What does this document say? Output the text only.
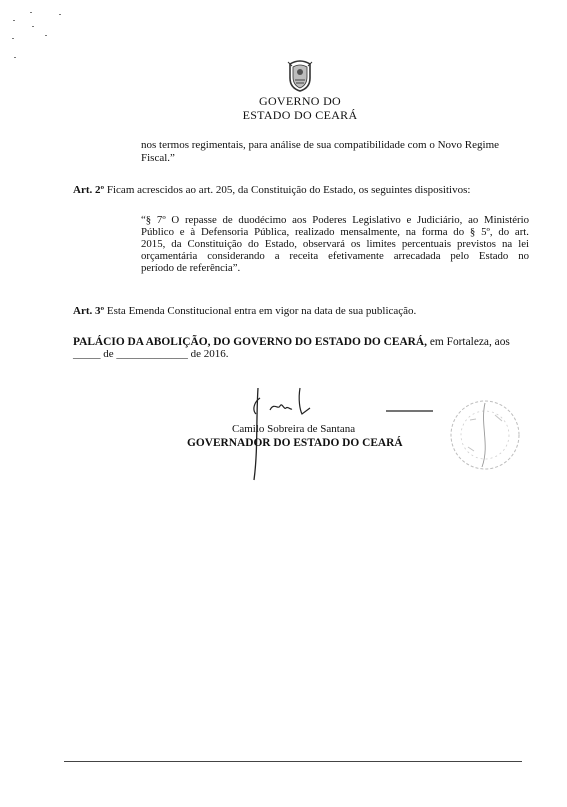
GOVERNO DO
ESTADO DO CEARÁ
nos termos regimentais, para análise de sua compatibilidade com o Novo Regime
Fiscal.”
Art. 2º Ficam acrescidos ao art. 205, da Constituição do Estado, os seguintes dispositivos:
“§ 7º O repasse de duodécimo aos Poderes Legislativo e Judiciário, ao Ministério
Público e à Defensoria Pública, realizado mensalmente, na forma do § 5º, do art.
2015, da Constituição do Estado, observará os limites percentuais previstos na lei
orçamentária considerando a receita efetivamente arrecadada pelo Estado no
período de referência”.
Art. 3º Esta Emenda Constitucional entra em vigor na data de sua publicação.
PALÁCIO DA ABOLIÇÃO, DO GOVERNO DO ESTADO DO CEARÁ, em Fortaleza, aos
_____ de _____________ de 2016.
Camilo Sobreira de Santana
GOVERNADOR DO ESTADO DO CEARÁ
